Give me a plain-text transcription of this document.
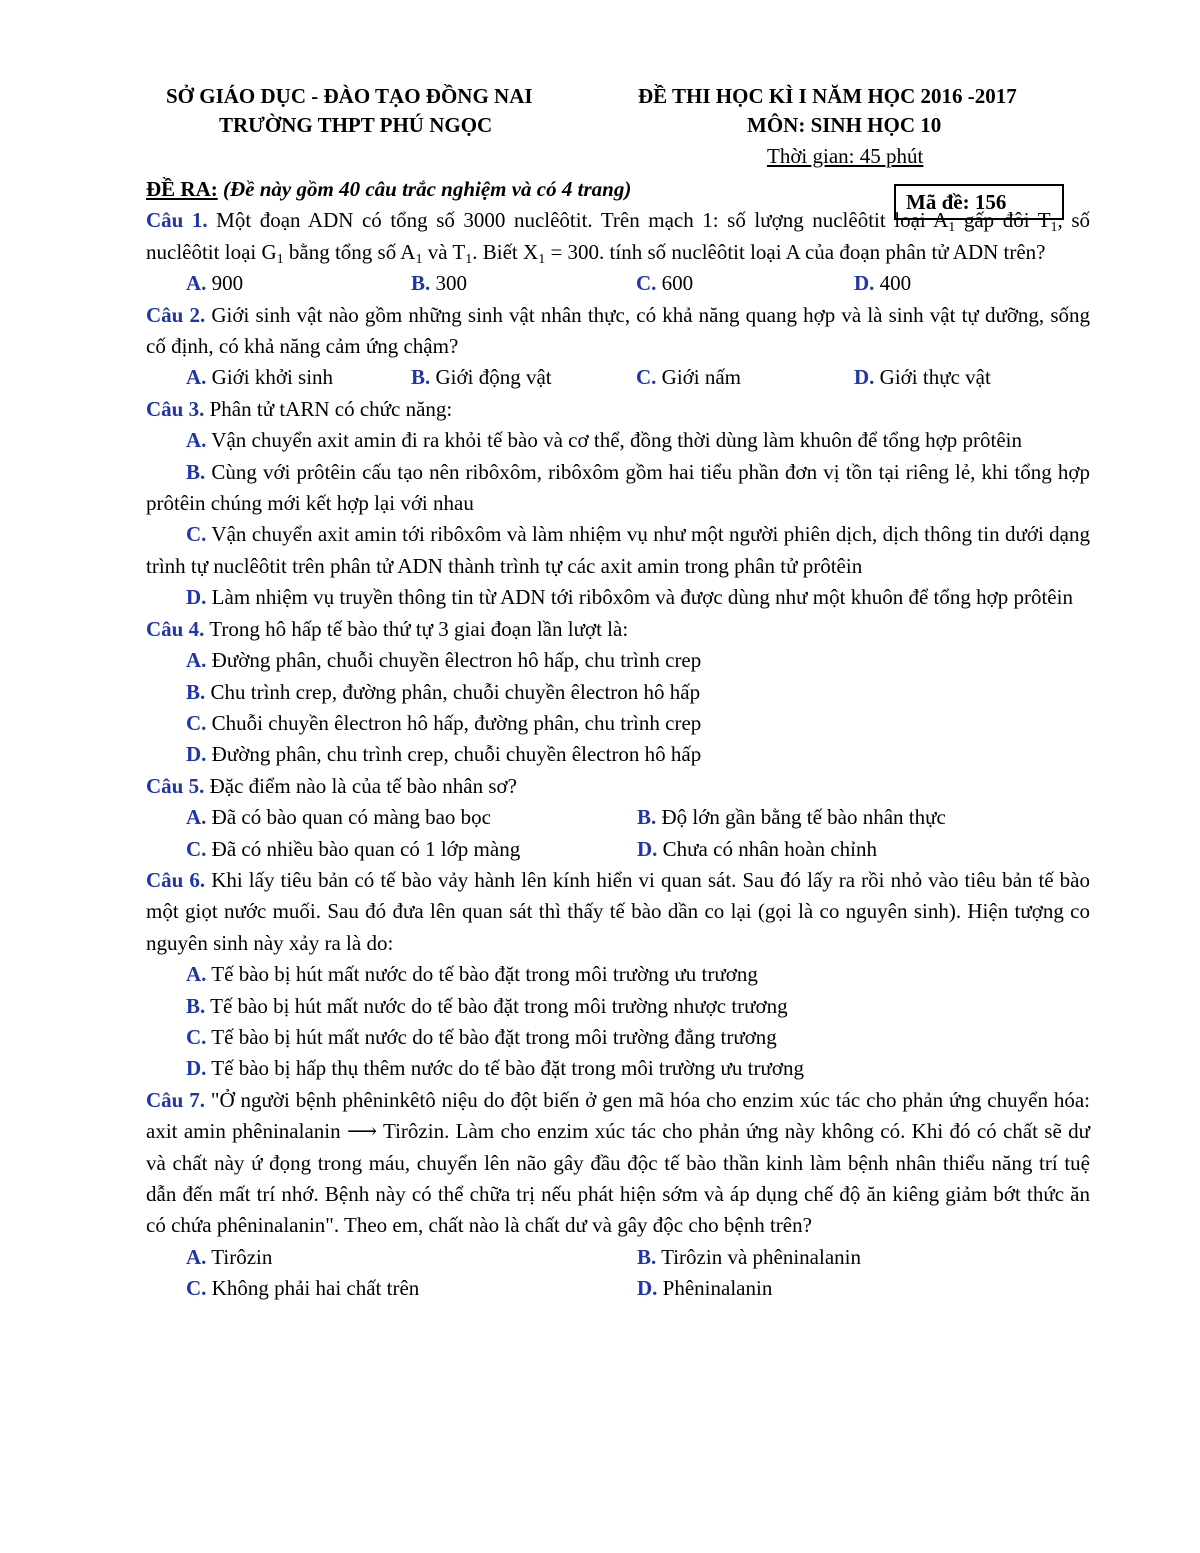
SỞ GIÁO DỤC - ĐÀO TẠO ĐỒNG NAI
TRƯỜNG THPT PHÚ NGỌC
ĐỀ THI HỌC KÌ I NĂM HỌC 2016 -2017
MÔN: SINH HỌC 10
Thời gian: 45 phút
Mã đề: 156

ĐỀ RA: (Đề này gồm 40 câu trắc nghiệm và có 4 trang)

Câu 1. Một đoạn ADN có tổng số 3000 nuclêôtit. Trên mạch 1: số lượng nuclêôtit loại $A_1$ gấp đôi $T_1$, số nuclêôtit loại $G_1$ bằng tổng số $A_1$ và $T_1$. Biết $X_1 = 300$. tính số nuclêôtit loại A của đoạn phân tử ADN trên?

A. 900	B. 300	C. 600	D. 400

Câu 2. Giới sinh vật nào gồm những sinh vật nhân thực, có khả năng quang hợp và là sinh vật tự dưỡng, sống cố định, có khả năng cảm ứng chậm?

A. Giới khởi sinh	B. Giới động vật	C. Giới nấm	D. Giới thực vật

Câu 3. Phân tử tARN có chức năng:

A. Vận chuyển axit amin đi ra khỏi tế bào và cơ thể, đồng thời dùng làm khuôn để tổng hợp prôtêin

B. Cùng với prôtêin cấu tạo nên ribôxôm, ribôxôm gồm hai tiểu phần đơn vị tồn tại riêng lẻ, khi tổng hợp prôtêin chúng mới kết hợp lại với nhau

C. Vận chuyển axit amin tới ribôxôm và làm nhiệm vụ như một người phiên dịch, dịch thông tin dưới dạng trình tự nuclêôtit trên phân tử ADN thành trình tự các axit amin trong phân tử prôtêin

D. Làm nhiệm vụ truyền thông tin từ ADN tới ribôxôm và được dùng như một khuôn để tổng hợp prôtêin

Câu 4. Trong hô hấp tế bào thứ tự 3 giai đoạn lần lượt là:

A. Đường phân, chuỗi chuyền êlectron hô hấp, chu trình crep

B. Chu trình crep, đường phân, chuỗi chuyền êlectron hô hấp

C. Chuỗi chuyền êlectron hô hấp, đường phân, chu trình crep

D. Đường phân, chu trình crep, chuỗi chuyền êlectron hô hấp

Câu 5. Đặc điểm nào là của tế bào nhân sơ?

A. Đã có bào quan có màng bao bọc	B. Độ lớn gần bằng tế bào nhân thực
C. Đã có nhiều bào quan có 1 lớp màng	D. Chưa có nhân hoàn chỉnh

Câu 6. Khi lấy tiêu bản có tế bào vảy hành lên kính hiển vi quan sát. Sau đó lấy ra rồi nhỏ vào tiêu bản tế bào một giọt nước muối. Sau đó đưa lên quan sát thì thấy tế bào dần co lại (gọi là co nguyên sinh). Hiện tượng co nguyên sinh này xảy ra là do:

A. Tế bào bị hút mất nước do tế bào đặt trong môi trường ưu trương

B. Tế bào bị hút mất nước do tế bào đặt trong môi trường nhược trương

C. Tế bào bị hút mất nước do tế bào đặt trong môi trường đẳng trương

D. Tế bào bị hấp thụ thêm nước do tế bào đặt trong môi trường ưu trương

Câu 7. "Ở người bệnh phêninkêtô niệu do đột biến ở gen mã hóa cho enzim xúc tác cho phản ứng chuyển hóa: axit amin phêninalanin ⟶ Tirôzin. Làm cho enzim xúc tác cho phản ứng này không có. Khi đó có chất sẽ dư và chất này ứ đọng trong máu, chuyển lên não gây đầu độc tế bào thần kinh làm bệnh nhân thiểu năng trí tuệ dẫn đến mất trí nhớ. Bệnh này có thể chữa trị nếu phát hiện sớm và áp dụng chế độ ăn kiêng giảm bớt thức ăn có chứa phêninalanin". Theo em, chất nào là chất dư và gây độc cho bệnh trên?

A. Tirôzin	B. Tirôzin và phêninalanin
C. Không phải hai chất trên	D. Phêninalanin
